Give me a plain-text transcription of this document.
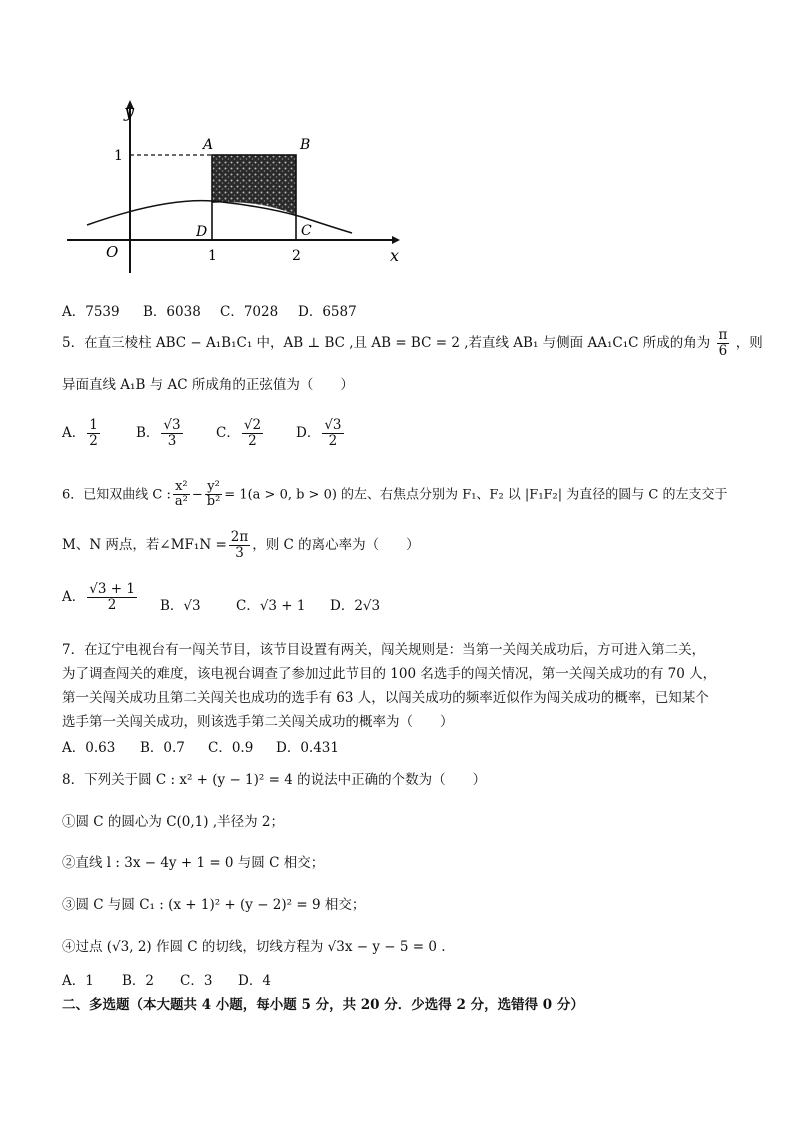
y
x
O
1
1	2
A	B
C
D
A．7539 B．6038 C．7028 D．6587
5．在直三棱柱 ABC − A₁B₁C₁ 中，AB ⊥ BC ,且 AB = BC = 2 ,若直线 AB₁ 与侧面 AA₁C₁C 所成的角为 $\frac{\pi}{6}$ ，则
异面直线 A₁B 与 AC 所成角的正弦值为（　　）
A． $\frac{1}{2}$	B． $\frac{√3}{3}$ C． $\frac{√2}{2}$ D． $\frac{√3}{2}$
6．已知双曲线 C : $\frac{\text{x²}}{\text{a²}} - \frac{\text{y²}}{\text{b²}} = 1(a > 0$, b > 0) 的左、右焦点分别为 F₁、F₂ 以 |F₁F₂| 为直径的圆与 C 的左支交于
M、N 两点，若∠MF₁N = $\frac{2\pi}{3}$ ，则 C 的离心率为（　　）
A． $\frac{√3 + 1}{2}$ B．√3	C．√3 + 1 D．2√3
7．在辽宁电视台有一闯关节目，该节目设置有两关，闯关规则是：当第一关闯关成功后，方可进入第二关，
为了调查闯关的难度，该电视台调查了参加过此节目的 100 名选手的闯关情况，第一关闯关成功的有 70 人，
第一关闯关成功且第二关闯关也成功的选手有 63 人，以闯关成功的频率近似作为闯关成功的概率，已知某个
选手第一关闯关成功，则该选手第二关闯关成功的概率为（　　）
A．0.63 B．0.7 C．0.9 D．0.431
8．下列关于圆 C : x² + (y − 1)² = 4 的说法中正确的个数为（　　）
①圆 C 的圆心为 C(0,1) ,半径为 2；
②直线 l : 3x − 4y + 1 = 0 与圆 C 相交；
③圆 C 与圆 C₁ : (x + 1)² + (y − 2)² = 9 相交；
④过点 (√3, 2) 作圆 C 的切线，切线方程为 √3x − y − 5 = 0 .
A．1 B．2 C．3 D．4
二、多选题（本大题共 4 小题，每小题 5 分，共 20 分．少选得 2 分，选错得 0 分）
